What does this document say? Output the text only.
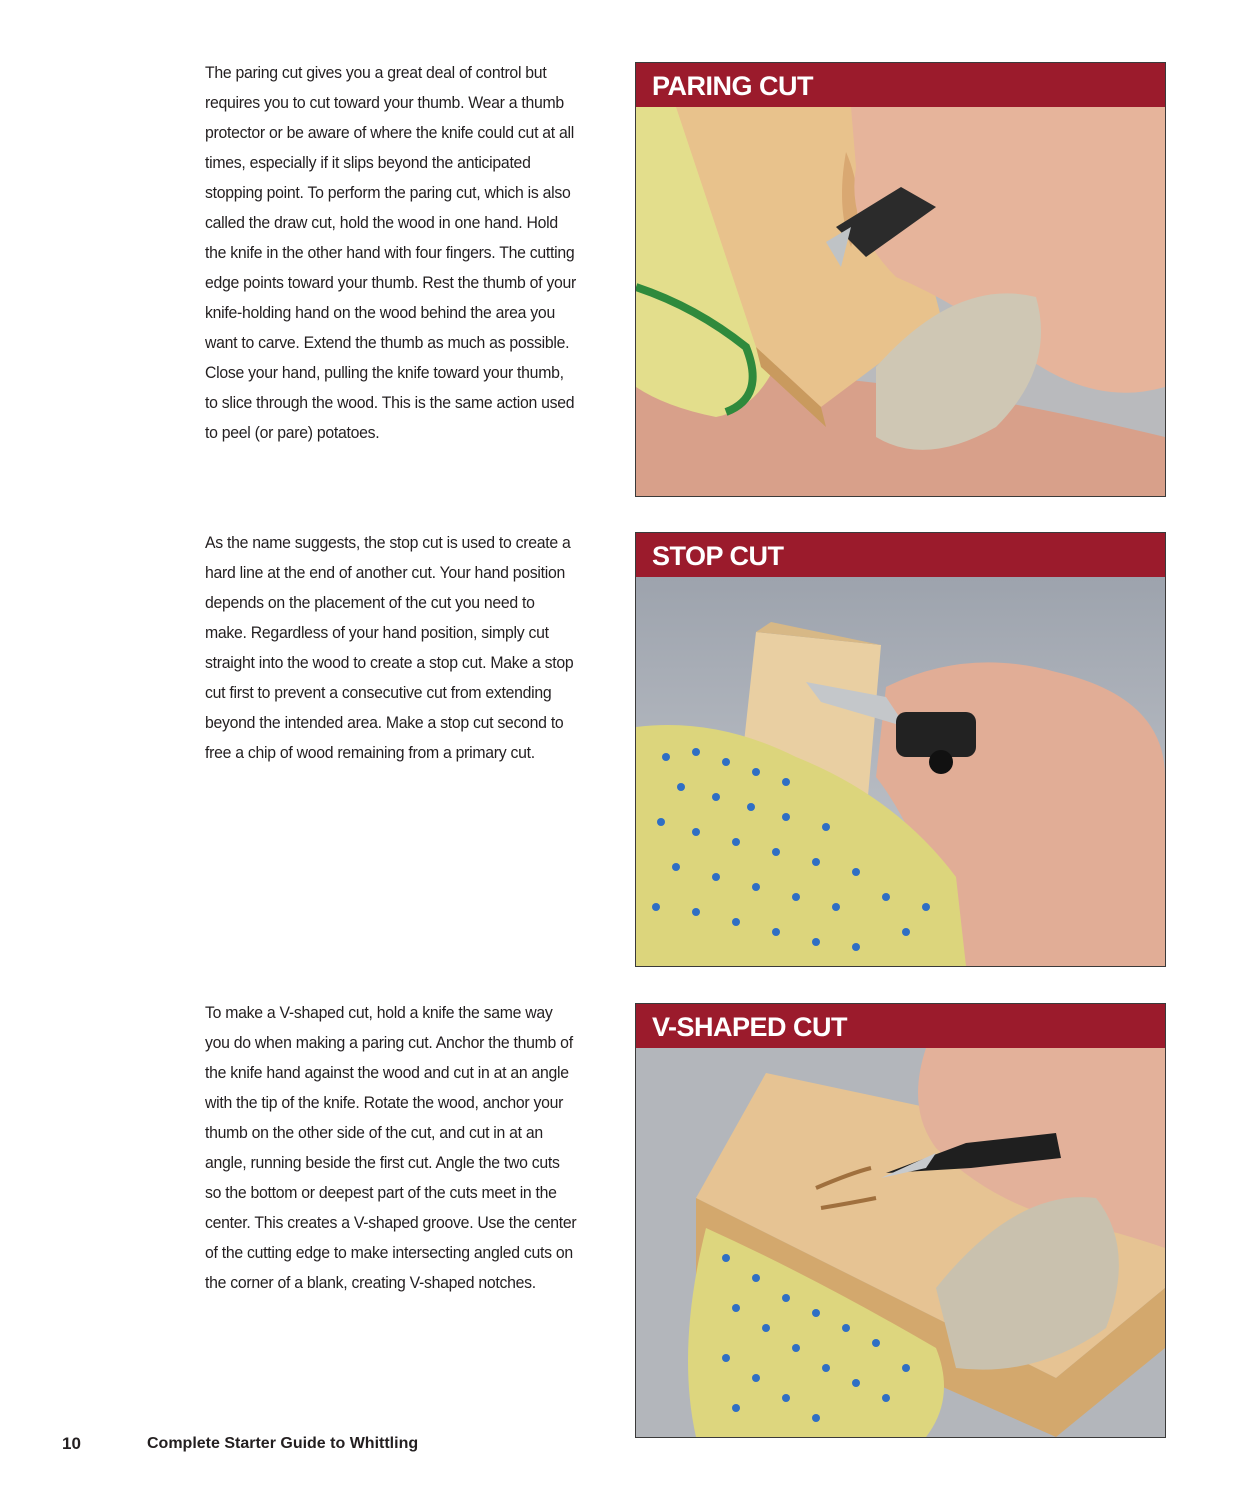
The paring cut gives you a great deal of control but requires you to cut toward your thumb. Wear a thumb protector or be aware of where the knife could cut at all times, especially if it slips beyond the anticipated stopping point. To perform the paring cut, which is also called the draw cut, hold the wood in one hand. Hold the knife in the other hand with four fingers. The cutting edge points toward your thumb. Rest the thumb of your knife-holding hand on the wood behind the area you want to carve. Extend the thumb as much as possible. Close your hand, pulling the knife toward your thumb, to slice through the wood. This is the same action used to peel (or pare) potatoes.
PARING CUT
As the name suggests, the stop cut is used to create a hard line at the end of another cut. Your hand position depends on the placement of the cut you need to make. Regardless of your hand position, simply cut straight into the wood to create a stop cut. Make a stop cut first to prevent a consecutive cut from extending beyond the intended area. Make a stop cut second to free a chip of wood remaining from a primary cut.
STOP CUT
To make a V-shaped cut, hold a knife the same way you do when making a paring cut. Anchor the thumb of the knife hand against the wood and cut in at an angle with the tip of the knife. Rotate the wood, anchor your thumb on the other side of the cut, and cut in at an angle, running beside the first cut. Angle the two cuts so the bottom or deepest part of the cuts meet in the center. This creates a V-shaped groove. Use the center of the cutting edge to make intersecting angled cuts on the corner of a blank, creating V-shaped notches.
V-SHAPED CUT
10	Complete Starter Guide to Whittling
